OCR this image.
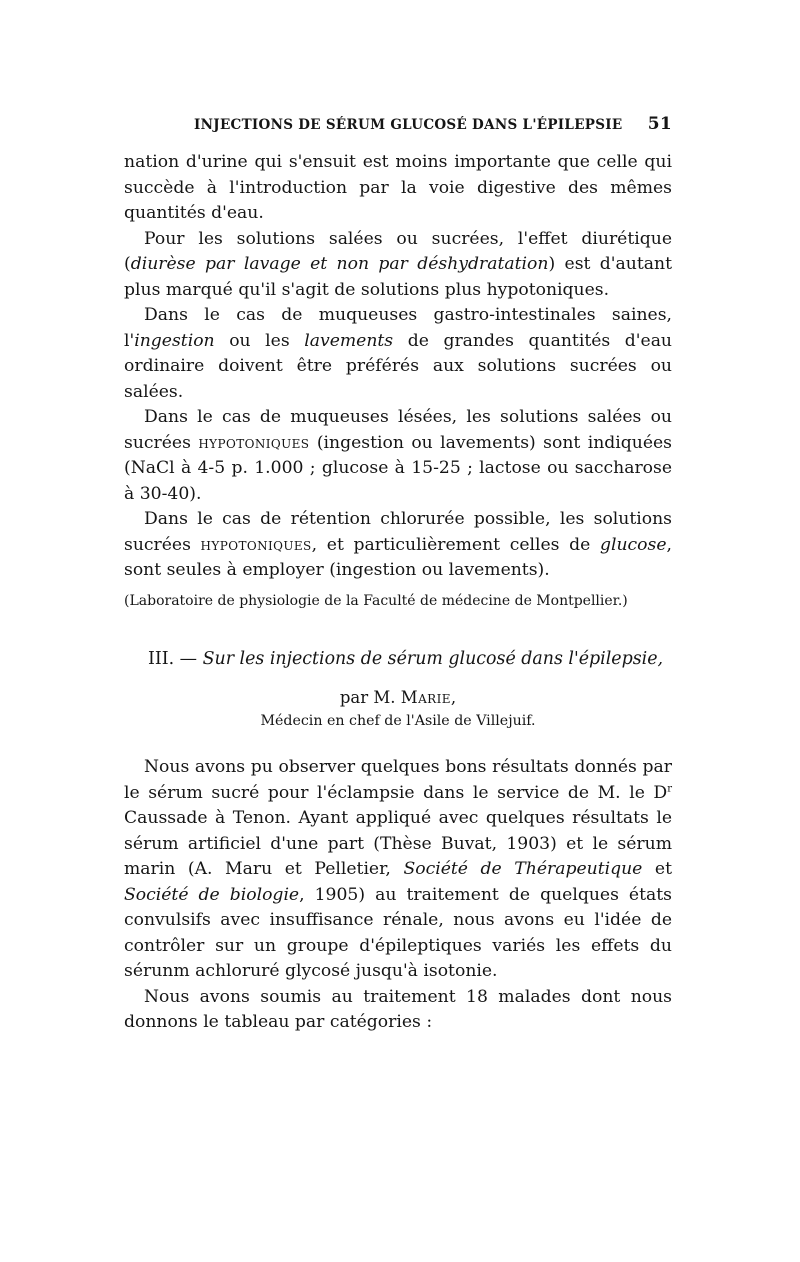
INJECTIONS DE SÉRUM GLUCOSÉ DANS L'ÉPILEPSIE 51

nation d'urine qui s'ensuit est moins importante que celle qui succède à l'introduction par la voie digestive des mêmes quantités d'eau.

Pour les solutions salées ou sucrées, l'effet diurétique (diurèse par lavage et non par déshydratation) est d'autant plus marqué qu'il s'agit de solutions plus hypotoniques.

Dans le cas de muqueuses gastro-intestinales saines, l'ingestion ou les lavements de grandes quantités d'eau ordinaire doivent être préférés aux solutions sucrées ou salées.

Dans le cas de muqueuses lésées, les solutions salées ou sucrées hypotoniques (ingestion ou lavements) sont indiquées (NaCl à 4-5 p. 1.000 ; glucose à 15-25 ; lactose ou saccharose à 30-40).

Dans le cas de rétention chlorurée possible, les solutions sucrées hypotoniques, et particulièrement celles de glucose, sont seules à employer (ingestion ou lavements).

(Laboratoire de physiologie de la Faculté de médecine de Montpellier.)

III. — Sur les injections de sérum glucosé dans l'épilepsie,
par M. Marie,
Médecin en chef de l'Asile de Villejuif.

Nous avons pu observer quelques bons résultats donnés par le sérum sucré pour l'éclampsie dans le service de M. le $D^r$ Caussade à Tenon. Ayant appliqué avec quelques résultats le sérum artificiel d'une part (Thèse Buvat, 1903) et le sérum marin (A. Maru et Pelletier, Société de Thérapeutique et Société de biologie, 1905) au traitement de quelques états convulsifs avec insuffisance rénale, nous avons eu l'idée de contrôler sur un groupe d'épileptiques variés les effets du sérunm achloruré glycosé jusqu'à isotonie.

Nous avons soumis au traitement 18 malades dont nous donnons le tableau par catégories :
